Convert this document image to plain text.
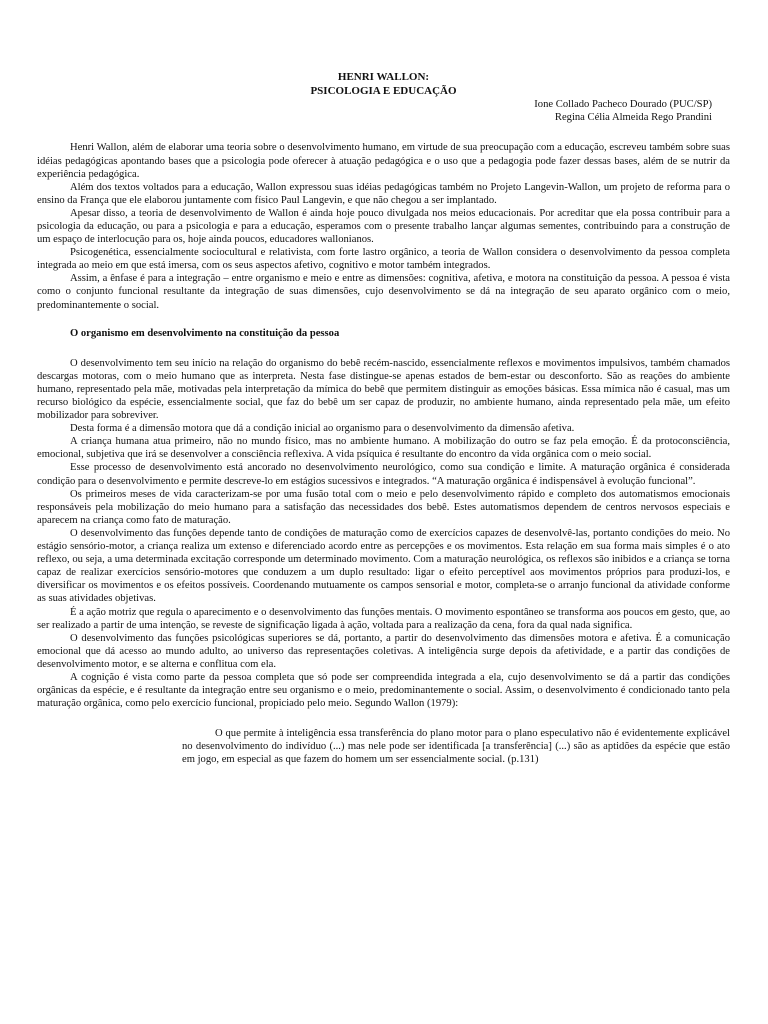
HENRI WALLON:

PSICOLOGIA E EDUCAÇÃO

Ione Collado Pacheco Dourado (PUC/SP)
Regina Célia Almeida Rego Prandini

Henri Wallon, além de elaborar uma teoria sobre o desenvolvimento humano, em virtude de sua preocupação com a educação, escreveu também sobre suas idéias pedagógicas apontando bases que a psicologia pode oferecer à atuação pedagógica e o uso que a pedagogia pode fazer dessas bases, além de se nutrir da experiência pedagógica.

Além dos textos voltados para a educação, Wallon expressou suas idéias pedagógicas também no Projeto Langevin-Wallon, um projeto de reforma para o ensino da França que ele elaborou juntamente com físico Paul Langevin, e que não chegou a ser implantado.

Apesar disso, a teoria de desenvolvimento de Wallon é ainda hoje pouco divulgada nos meios educacionais. Por acreditar que ela possa contribuir para a psicologia da educação, ou para a psicologia e para a educação, esperamos com o presente trabalho lançar algumas sementes, contribuindo para a construção de um espaço de interlocução para os, hoje ainda poucos, educadores wallonianos.

Psicogenética, essencialmente sociocultural e relativista, com forte lastro orgânico, a teoria de Wallon considera o desenvolvimento da pessoa completa integrada ao meio em que está imersa, com os seus aspectos afetivo, cognitivo e motor também integrados.

Assim, a ênfase é para a integração – entre organismo e meio e entre as dimensões: cognitiva, afetiva, e motora na constituição da pessoa. A pessoa é vista como o conjunto funcional resultante da integração de suas dimensões, cujo desenvolvimento se dá na integração de seu aparato orgânico com o meio, predominantemente o social.

O organismo em desenvolvimento na constituição da pessoa

O desenvolvimento tem seu início na relação do organismo do bebê recém-nascido, essencialmente reflexos e movimentos impulsivos, também chamados descargas motoras, com o meio humano que as interpreta. Nesta fase distingue-se apenas estados de bem-estar ou desconforto. São as reações do ambiente humano, representado pela mãe, motivadas pela interpretação da mímica do bebê que permitem distinguir as emoções básicas. Essa mímica não é casual, mas um recurso biológico da espécie, essencialmente social, que faz do bebê um ser capaz de produzir, no ambiente humano, ainda representado pela mãe, um efeito mobilizador para sobreviver.

Desta forma é a dimensão motora que dá a condição inicial ao organismo para o desenvolvimento da dimensão afetiva.

A criança humana atua primeiro, não no mundo físico, mas no ambiente humano. A mobilização do outro se faz pela emoção. É da protoconsciência, emocional, subjetiva que irá se desenvolver a consciência reflexiva. A vida psíquica é resultante do encontro da vida orgânica com o meio social.

Esse processo de desenvolvimento está ancorado no desenvolvimento neurológico, como sua condição e limite. A maturação orgânica é considerada condição para o desenvolvimento e permite descreve-lo em estágios sucessivos e integrados. “A maturação orgânica é indispensável à evolução funcional”.

Os primeiros meses de vida caracterizam-se por uma fusão total com o meio e pelo desenvolvimento rápido e completo dos automatismos emocionais responsáveis pela mobilização do meio humano para a satisfação das necessidades dos bebê. Estes automatismos dependem de centros nervosos especiais e aparecem na criança como fato de maturação.

O desenvolvimento das funções depende tanto de condições de maturação como de exercícios capazes de desenvolvê-las, portanto condições do meio. No estágio sensório-motor, a criança realiza um extenso e diferenciado acordo entre as percepções e os movimentos. Esta relação em sua forma mais simples é o ato reflexo, ou seja, a uma determinada excitação corresponde um determinado movimento. Com a maturação neurológica, os reflexos são inibidos e a criança se torna capaz de realizar exercícios sensório-motores que conduzem a um duplo resultado: ligar o efeito perceptível aos movimentos próprios para produzi-los, e diversificar os movimentos e os efeitos possíveis. Coordenando mutuamente os campos sensorial e motor, completa-se o arranjo funcional da atividade conforme as suas atividades objetivas.

É a ação motriz que regula o aparecimento e o desenvolvimento das funções mentais. O movimento espontâneo se transforma aos poucos em gesto, que, ao ser realizado a partir de uma intenção, se reveste de significação ligada à ação, voltada para a realização da cena, fora da qual nada significa.

O desenvolvimento das funções psicológicas superiores se dá, portanto, a partir do desenvolvimento das dimensões motora e afetiva. É a comunicação emocional que dá acesso ao mundo adulto, ao universo das representações coletivas. A inteligência surge depois da afetividade, e a partir das condições de desenvolvimento motor, e se alterna e conflitua com ela.

A cognição é vista como parte da pessoa completa que só pode ser compreendida integrada a ela, cujo desenvolvimento se dá a partir das condições orgânicas da espécie, e é resultante da integração entre seu organismo e o meio, predominantemente o social. Assim, o desenvolvimento é condicionado tanto pela maturação orgânica, como pelo exercício funcional, propiciado pelo meio. Segundo Wallon (1979):

O que permite à inteligência essa transferência do plano motor para o plano especulativo não é evidentemente explicável no desenvolvimento do indivíduo (...) mas nele pode ser identificada [a transferência] (...) são as aptidões da espécie que estão em jogo, em especial as que fazem do homem um ser essencialmente social. (p.131)
